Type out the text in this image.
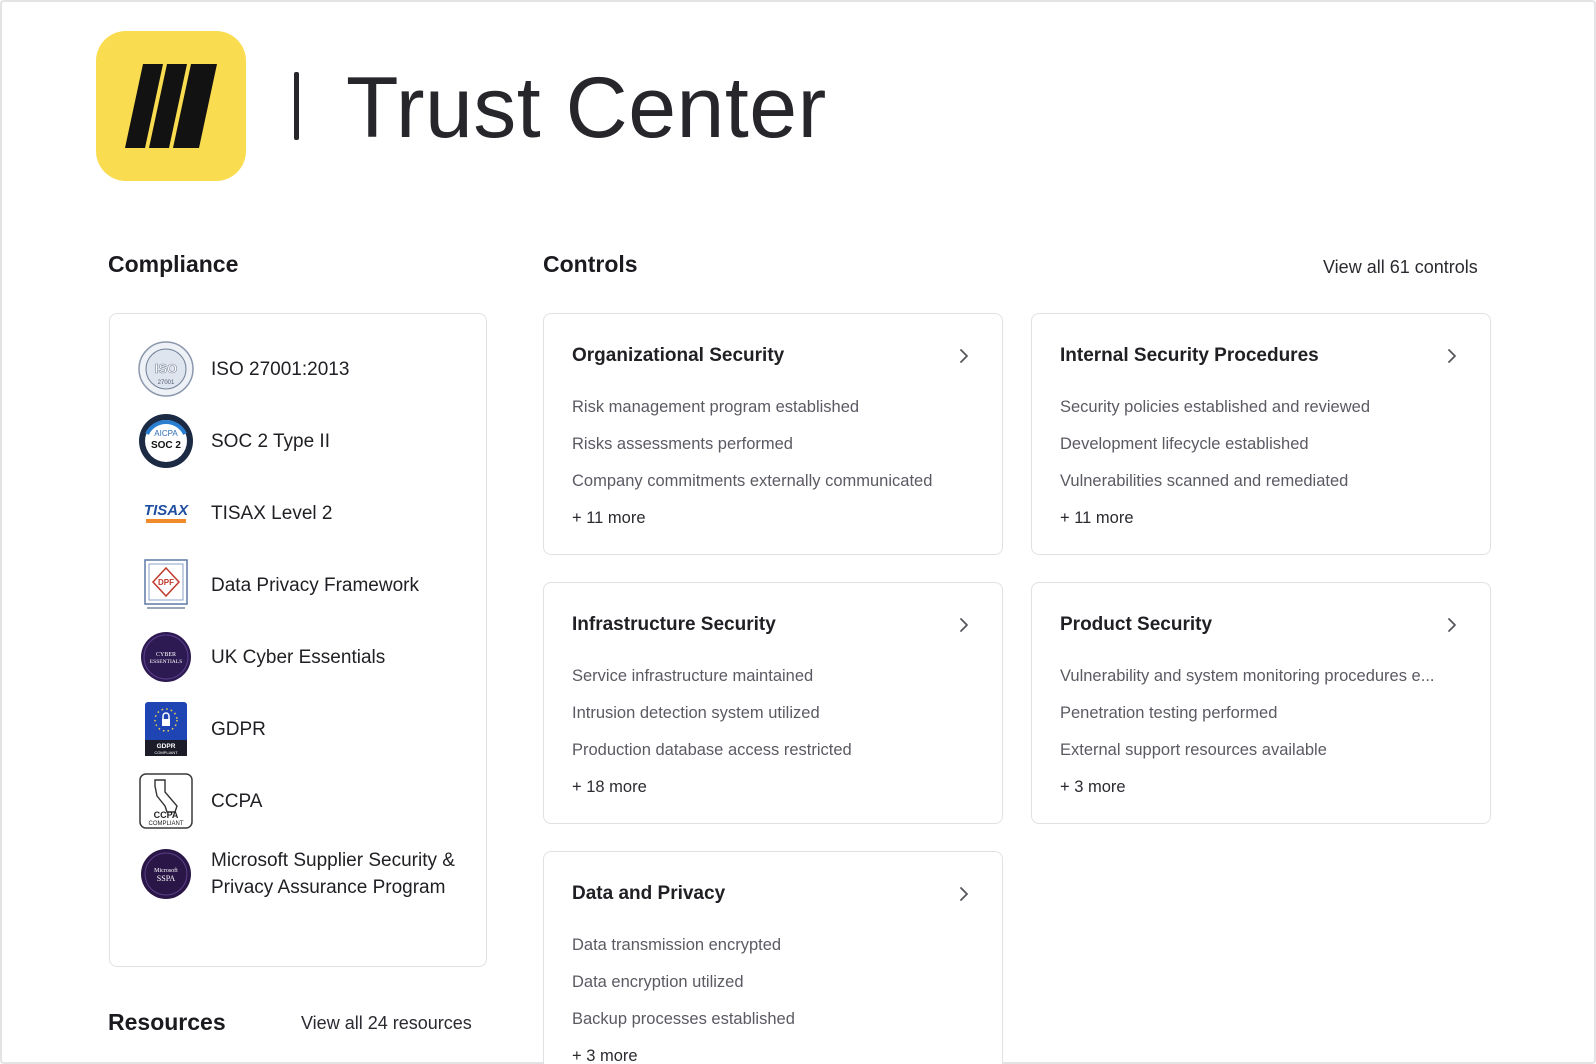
Trust Center
Compliance
ISO
27001
ISO 27001:2013
AICPA
SOC 2 SOC 2 Type II
TISAX TISAX Level 2
DPF Data Privacy Framework
CYBER
ESSENTIALS UK Cyber Essentials
GDPR
COMPLIANT
GDPR
CCPA
COMPLIANT
CCPA
Microsoft
SSPA
Microsoft Supplier Security & Privacy Assurance Program
Resources	View all 24 resources
Controls	View all 61 controls
Organizational Security
Risk management program established
Risks assessments performed
Company commitments externally communicated
+ 11 more
Internal Security Procedures
Security policies established and reviewed
Development lifecycle established
Vulnerabilities scanned and remediated
+ 11 more
Infrastructure Security
Service infrastructure maintained
Intrusion detection system utilized
Production database access restricted
+ 18 more
Product Security
Vulnerability and system monitoring procedures e...
Penetration testing performed
External support resources available
+ 3 more
Data and Privacy
Data transmission encrypted
Data encryption utilized
Backup processes established
+ 3 more
